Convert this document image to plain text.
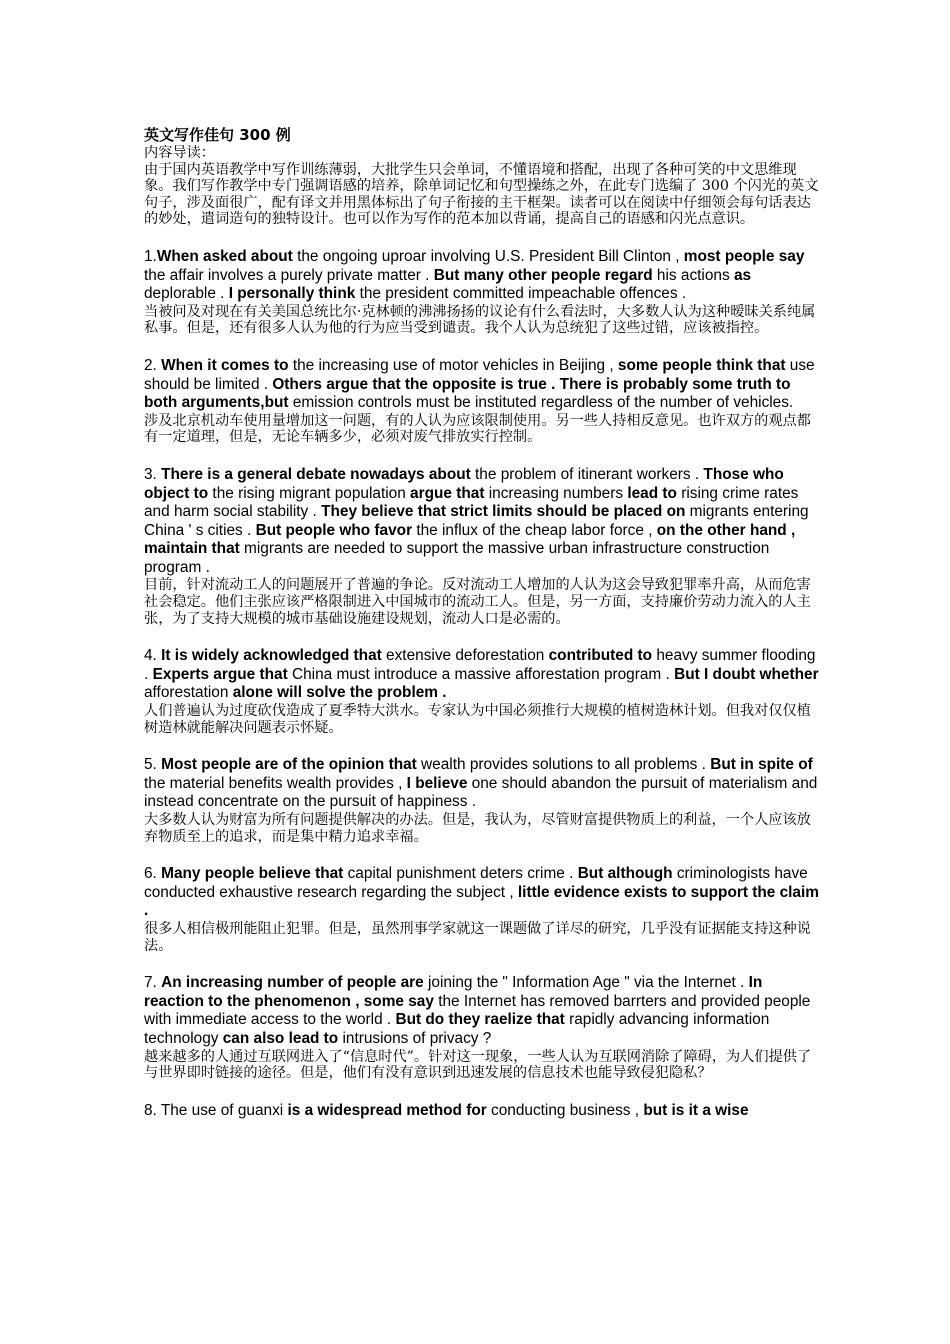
英文写作佳句 300 例

内容导读：

由于国内英语教学中写作训练薄弱，大批学生只会单词，不懂语境和搭配，出现了各种可笑的中文思维现象。我们写作教学中专门强调语感的培养，除单词记忆和句型操练之外，在此专门选编了 300 个闪光的英文句子，涉及面很广，配有译文并用黑体标出了句子衔接的主干框架。读者可以在阅读中仔细领会每句话表达的妙处，遣词造句的独特设计。也可以作为写作的范本加以背诵，提高自己的语感和闪光点意识。

1.When asked about the ongoing uproar involving U.S. President Bill Clinton , most people say the affair involves a purely private matter . But many other people regard his actions as deplorable . I personally think the president committed impeachable offences .

当被问及对现在有关美国总统比尔·克林顿的沸沸扬扬的议论有什么看法时，大多数人认为这种暧昧关系纯属私事。但是，还有很多人认为他的行为应当受到谴责。我个人认为总统犯了这些过错，应该被指控。

2. When it comes to the increasing use of motor vehicles in Beijing , some people think that use should be limited . Others argue that the opposite is true . There is probably some truth to both arguments,but emission controls must be instituted regardless of the number of vehicles.

涉及北京机动车使用量增加这一问题，有的人认为应该限制使用。另一些人持相反意见。也许双方的观点都有一定道理，但是，无论车辆多少，必须对废气排放实行控制。

3. There is a general debate nowadays about the problem of itinerant workers . Those who object to the rising migrant population argue that increasing numbers lead to rising crime rates and harm social stability . They believe that strict limits should be placed on migrants entering China ' s cities . But people who favor the influx of the cheap labor force , on the other hand , maintain that migrants are needed to support the massive urban infrastructure construction program .

目前，针对流动工人的问题展开了普遍的争论。反对流动工人增加的人认为这会导致犯罪率升高，从而危害社会稳定。他们主张应该严格限制进入中国城市的流动工人。但是，另一方面，支持廉价劳动力流入的人主张，为了支持大规模的城市基础设施建设规划，流动人口是必需的。

4. It is widely acknowledged that extensive deforestation contributed to heavy summer flooding . Experts argue that China must introduce a massive afforestation program . But I doubt whether afforestation alone will solve the problem .

人们普遍认为过度砍伐造成了夏季特大洪水。专家认为中国必须推行大规模的植树造林计划。但我对仅仅植树造林就能解决问题表示怀疑。

5. Most people are of the opinion that wealth provides solutions to all problems . But in spite of the material benefits wealth provides , I believe one should abandon the pursuit of materialism and instead concentrate on the pursuit of happiness .

大多数人认为财富为所有问题提供解决的办法。但是，我认为，尽管财富提供物质上的利益，一个人应该放弃物质至上的追求，而是集中精力追求幸福。

6. Many people believe that capital punishment deters crime . But although criminologists have conducted exhaustive research regarding the subject , little evidence exists to support the claim .

很多人相信极刑能阻止犯罪。但是，虽然刑事学家就这一课题做了详尽的研究，几乎没有证据能支持这种说法。

7. An increasing number of people are joining the " Information Age " via the Internet . In reaction to the phenomenon , some say the Internet has removed barrters and provided people with immediate access to the world . But do they raelize that rapidly advancing information technology can also lead to intrusions of privacy ?

越来越多的人通过互联网进入了“信息时代”。针对这一现象，一些人认为互联网消除了障碍，为人们提供了与世界即时链接的途径。但是，他们有没有意识到迅速发展的信息技术也能导致侵犯隐私？

8. The use of guanxi is a widespread method for conducting business , but is it a wise
